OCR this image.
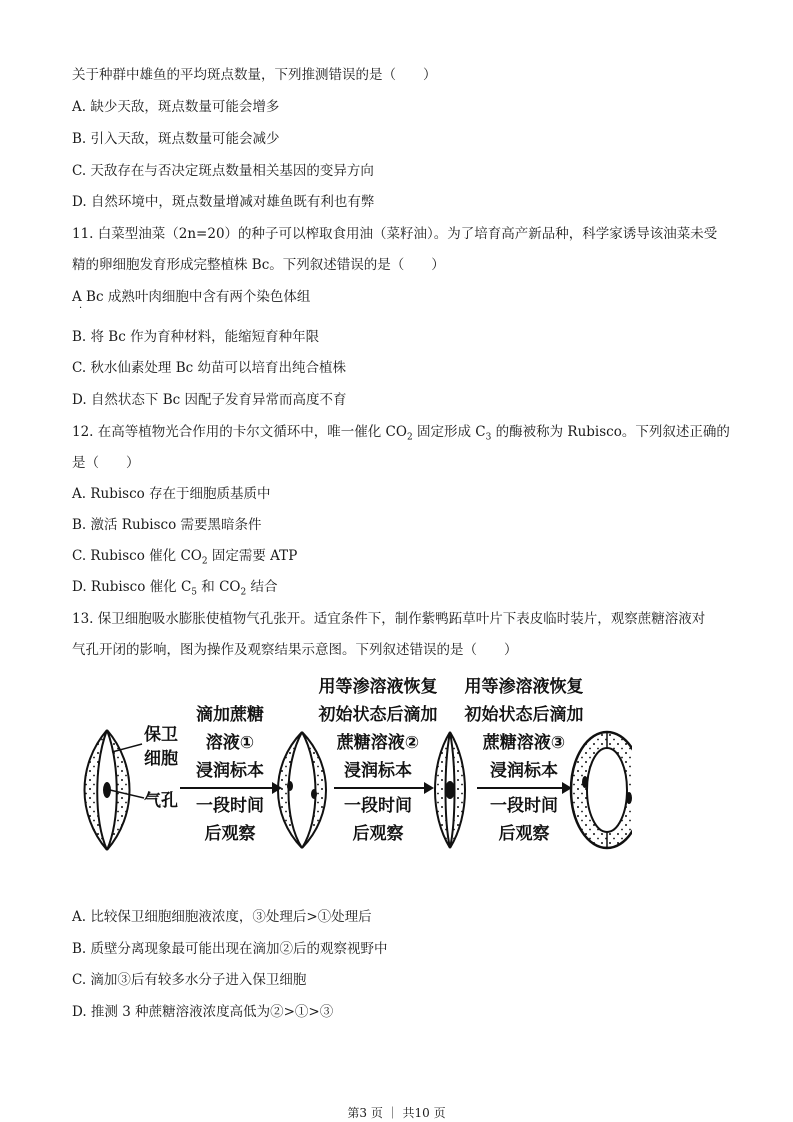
关于种群中雄鱼的平均斑点数量，下列推测错误的是（　　）
A. 缺少天敌，斑点数量可能会增多
B. 引入天敌，斑点数量可能会减少
C. 天敌存在与否决定斑点数量相关基因的变异方向
D. 自然环境中，斑点数量增减对雄鱼既有利也有弊
11. 白菜型油菜（2n=20）的种子可以榨取食用油（菜籽油）。为了培育高产新品种，科学家诱导该油菜未受
精的卵细胞发育形成完整植株 Bc。下列叙述错误的是（　　）
A Bc 成熟叶肉细胞中含有两个染色体组
·
B. 将 Bc 作为育种材料，能缩短育种年限
C. 秋水仙素处理 Bc 幼苗可以培育出纯合植株
D. 自然状态下 Bc 因配子发育异常而高度不育
12. 在高等植物光合作用的卡尔文循环中，唯一催化 $CO_2$ 固定形成 $C_3$ 的酶被称为 Rubisco。下列叙述正确的
是（　　）
A. Rubisco 存在于细胞质基质中
B. 激活 Rubisco 需要黑暗条件
C. Rubisco 催化 $CO_2$ 固定需要 ATP
D. Rubisco 催化 $C_5$ 和 $CO_2$ 结合
13. 保卫细胞吸水膨胀使植物气孔张开。适宜条件下，制作紫鸭跖草叶片下表皮临时装片，观察蔗糖溶液对
气孔开闭的影响，图为操作及观察结果示意图。下列叙述错误的是（　　）
保卫
细胞
气孔
滴加蔗糖
溶液①
浸润标本
一段时间
后观察
用等渗溶液恢复
初始状态后滴加
蔗糖溶液②
浸润标本
一段时间
后观察
用等渗溶液恢复
初始状态后滴加
蔗糖溶液③
浸润标本
一段时间
后观察
A. 比较保卫细胞细胞液浓度，③处理后>①处理后
B. 质壁分离现象最可能出现在滴加②后的观察视野中
C. 滴加③后有较多水分子进入保卫细胞
D. 推测 3 种蔗糖溶液浓度高低为②>①>③
第3 页 ｜ 共10 页
